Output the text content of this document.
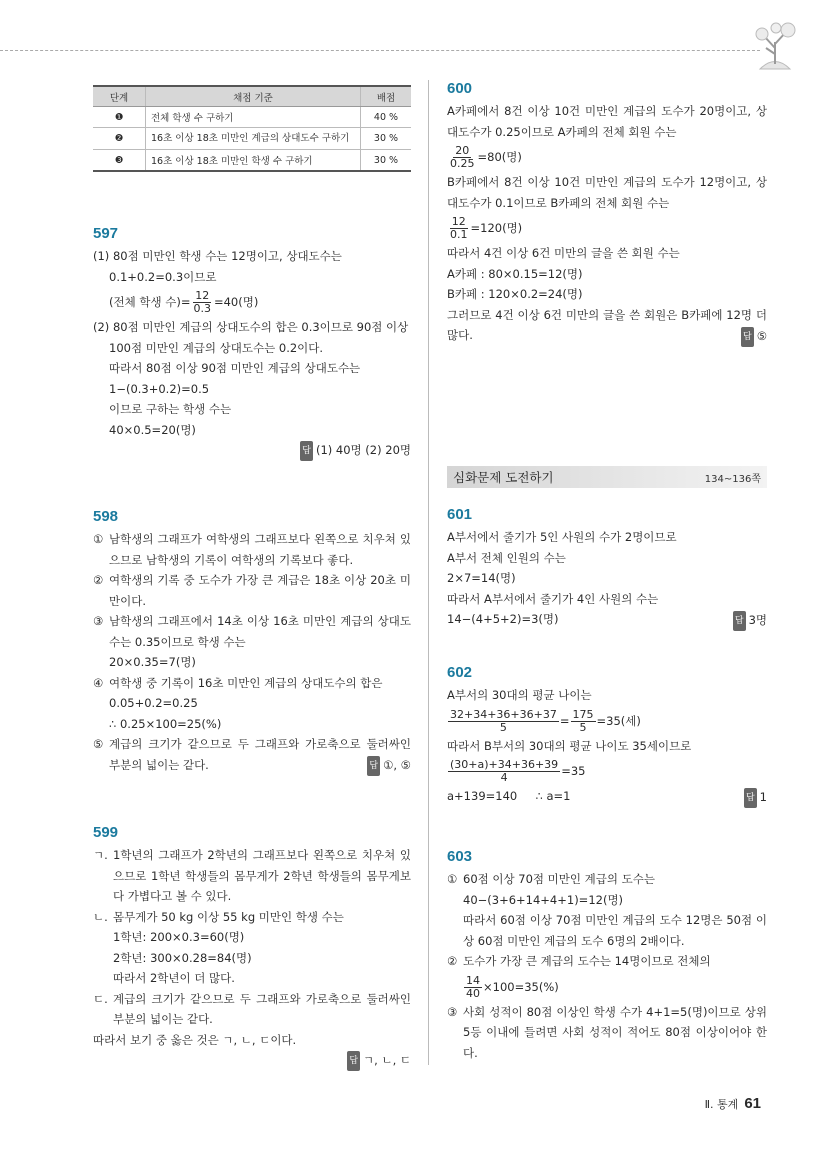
단계	채점 기준	배점
❶	전체 학생 수 구하기	40 %
❷	16초 이상 18초 미만인 계급의 상대도수 구하기	30 %
❸	16초 이상 18초 미만인 학생 수 구하기	30 %
597
(1) 80점 미만인 학생 수는 12명이고, 상대도수는
0.1+0.2=0.3이므로
(전체 학생 수)= $\frac{12}{0.3} =40$(명)
(2) 80점 미만인 계급의 상대도수의 합은 0.3이므로 90점 이상
100점 미만인 계급의 상대도수는 0.2이다.
따라서 80점 이상 90점 미만인 계급의 상대도수는
1−(0.3+0.2)=0.5
이므로 구하는 학생 수는
40×0.5=20(명)
답 (1) 40명 (2) 20명
598
① 남학생의 그래프가 여학생의 그래프보다 왼쪽으로 치우쳐 있으므로 남학생의 기록이 여학생의 기록보다 좋다.
② 여학생의 기록 중 도수가 가장 큰 계급은 18초 이상 20초 미만이다.
③ 남학생의 그래프에서 14초 이상 16초 미만인 계급의 상대도수는 0.35이므로 학생 수는
20×0.35=7(명)
④ 여학생 중 기록이 16초 미만인 계급의 상대도수의 합은
0.05+0.2=0.25
∴ 0.25×100=25(%)
⑤ 계급의 크기가 같으므로 두 그래프와 가로축으로 둘러싸인 부분의 넓이는 같다.	답 ①, ⑤
599
ㄱ. 1학년의 그래프가 2학년의 그래프보다 왼쪽으로 치우쳐 있으므로 1학년 학생들의 몸무게가 2학년 학생들의 몸무게보다 가볍다고 볼 수 있다.
ㄴ. 몸무게가 50 kg 이상 55 kg 미만인 학생 수는
1학년: 200×0.3=60(명)
2학년: 300×0.28=84(명)
따라서 2학년이 더 많다.
ㄷ. 계급의 크기가 같으므로 두 그래프와 가로축으로 둘러싸인 부분의 넓이는 같다.
따라서 보기 중 옳은 것은 ㄱ, ㄴ, ㄷ이다.
답 ㄱ, ㄴ, ㄷ
600
A카페에서 8건 이상 10건 미만인 계급의 도수가 20명이고, 상대도수가 0.25이므로 A카페의 전체 회원 수는
$\frac{20}{0.25} =80$(명)
B카페에서 8건 이상 10건 미만인 계급의 도수가 12명이고, 상대도수가 0.1이므로 B카페의 전체 회원 수는
$\frac{12}{0.1} =120$(명)
따라서 4건 이상 6건 미만의 글을 쓴 회원 수는
A카페 : 80×0.15=12(명)
B카페 : 120×0.2=24(명)
그러므로 4건 이상 6건 미만의 글을 쓴 회원은 B카페에 12명 더 많다.	답 ⑤
심화문제 도전하기	134~136쪽
601
A부서에서 줄기가 5인 사원의 수가 2명이므로
A부서 전체 인원의 수는
2×7=14(명)
따라서 A부서에서 줄기가 4인 사원의 수는
14−(4+5+2)=3(명)	답 3명
602
A부서의 30대의 평균 나이는
$\frac{32+34+36+36+37}{5} = \frac{175}{5} =35$(세)
따라서 B부서의 30대의 평균 나이도 35세이므로
$\frac{(30+a)+34+36+39}{4} =35$
a+139=140     ∴ a=1	답 1
603
① 60점 이상 70점 미만인 계급의 도수는
40−(3+6+14+4+1)=12(명)
따라서 60점 이상 70점 미만인 계급의 도수 12명은 50점 이상 60점 미만인 계급의 도수 6명의 2배이다.
② 도수가 가장 큰 계급의 도수는 14명이므로 전체의
$\frac{14}{40} \times 100=35(\%)$
③ 사회 성적이 80점 이상인 학생 수가 4+1=5(명)이므로 상위 5등 이내에 들려면 사회 성적이 적어도 80점 이상이어야 한다.
Ⅱ. 통계 61
